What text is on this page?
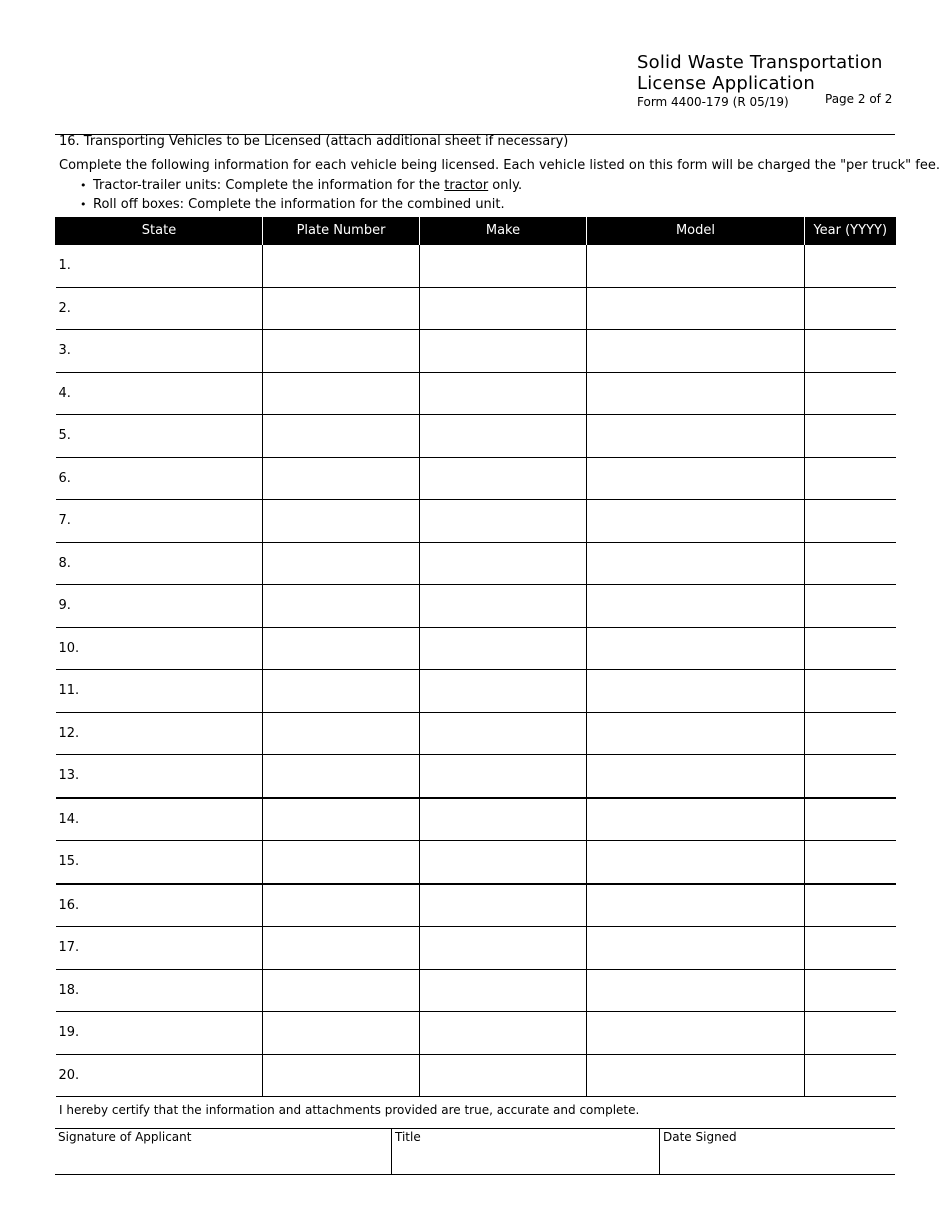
Solid Waste Transportation
License Application
Form 4400-179 (R 05/19)	Page 2 of 2
16. Transporting Vehicles to be Licensed (attach additional sheet if necessary)
Complete the following information for each vehicle being licensed. Each vehicle listed on this form will be charged the "per truck" fee.
• Tractor-trailer units: Complete the information for the tractor only.
• Roll off boxes: Complete the information for the combined unit.
State	Plate Number	Make	Model	Year (YYYY)
1.				
2.				
3.				
4.				
5.				
6.				
7.				
8.				
9.				
10.				
11.				
12.				
13.				
14.				
15.				
16.				
17.				
18.				
19.				
20.				
I hereby certify that the information and attachments provided are true, accurate and complete.
Signature of Applicant	Title	Date Signed
